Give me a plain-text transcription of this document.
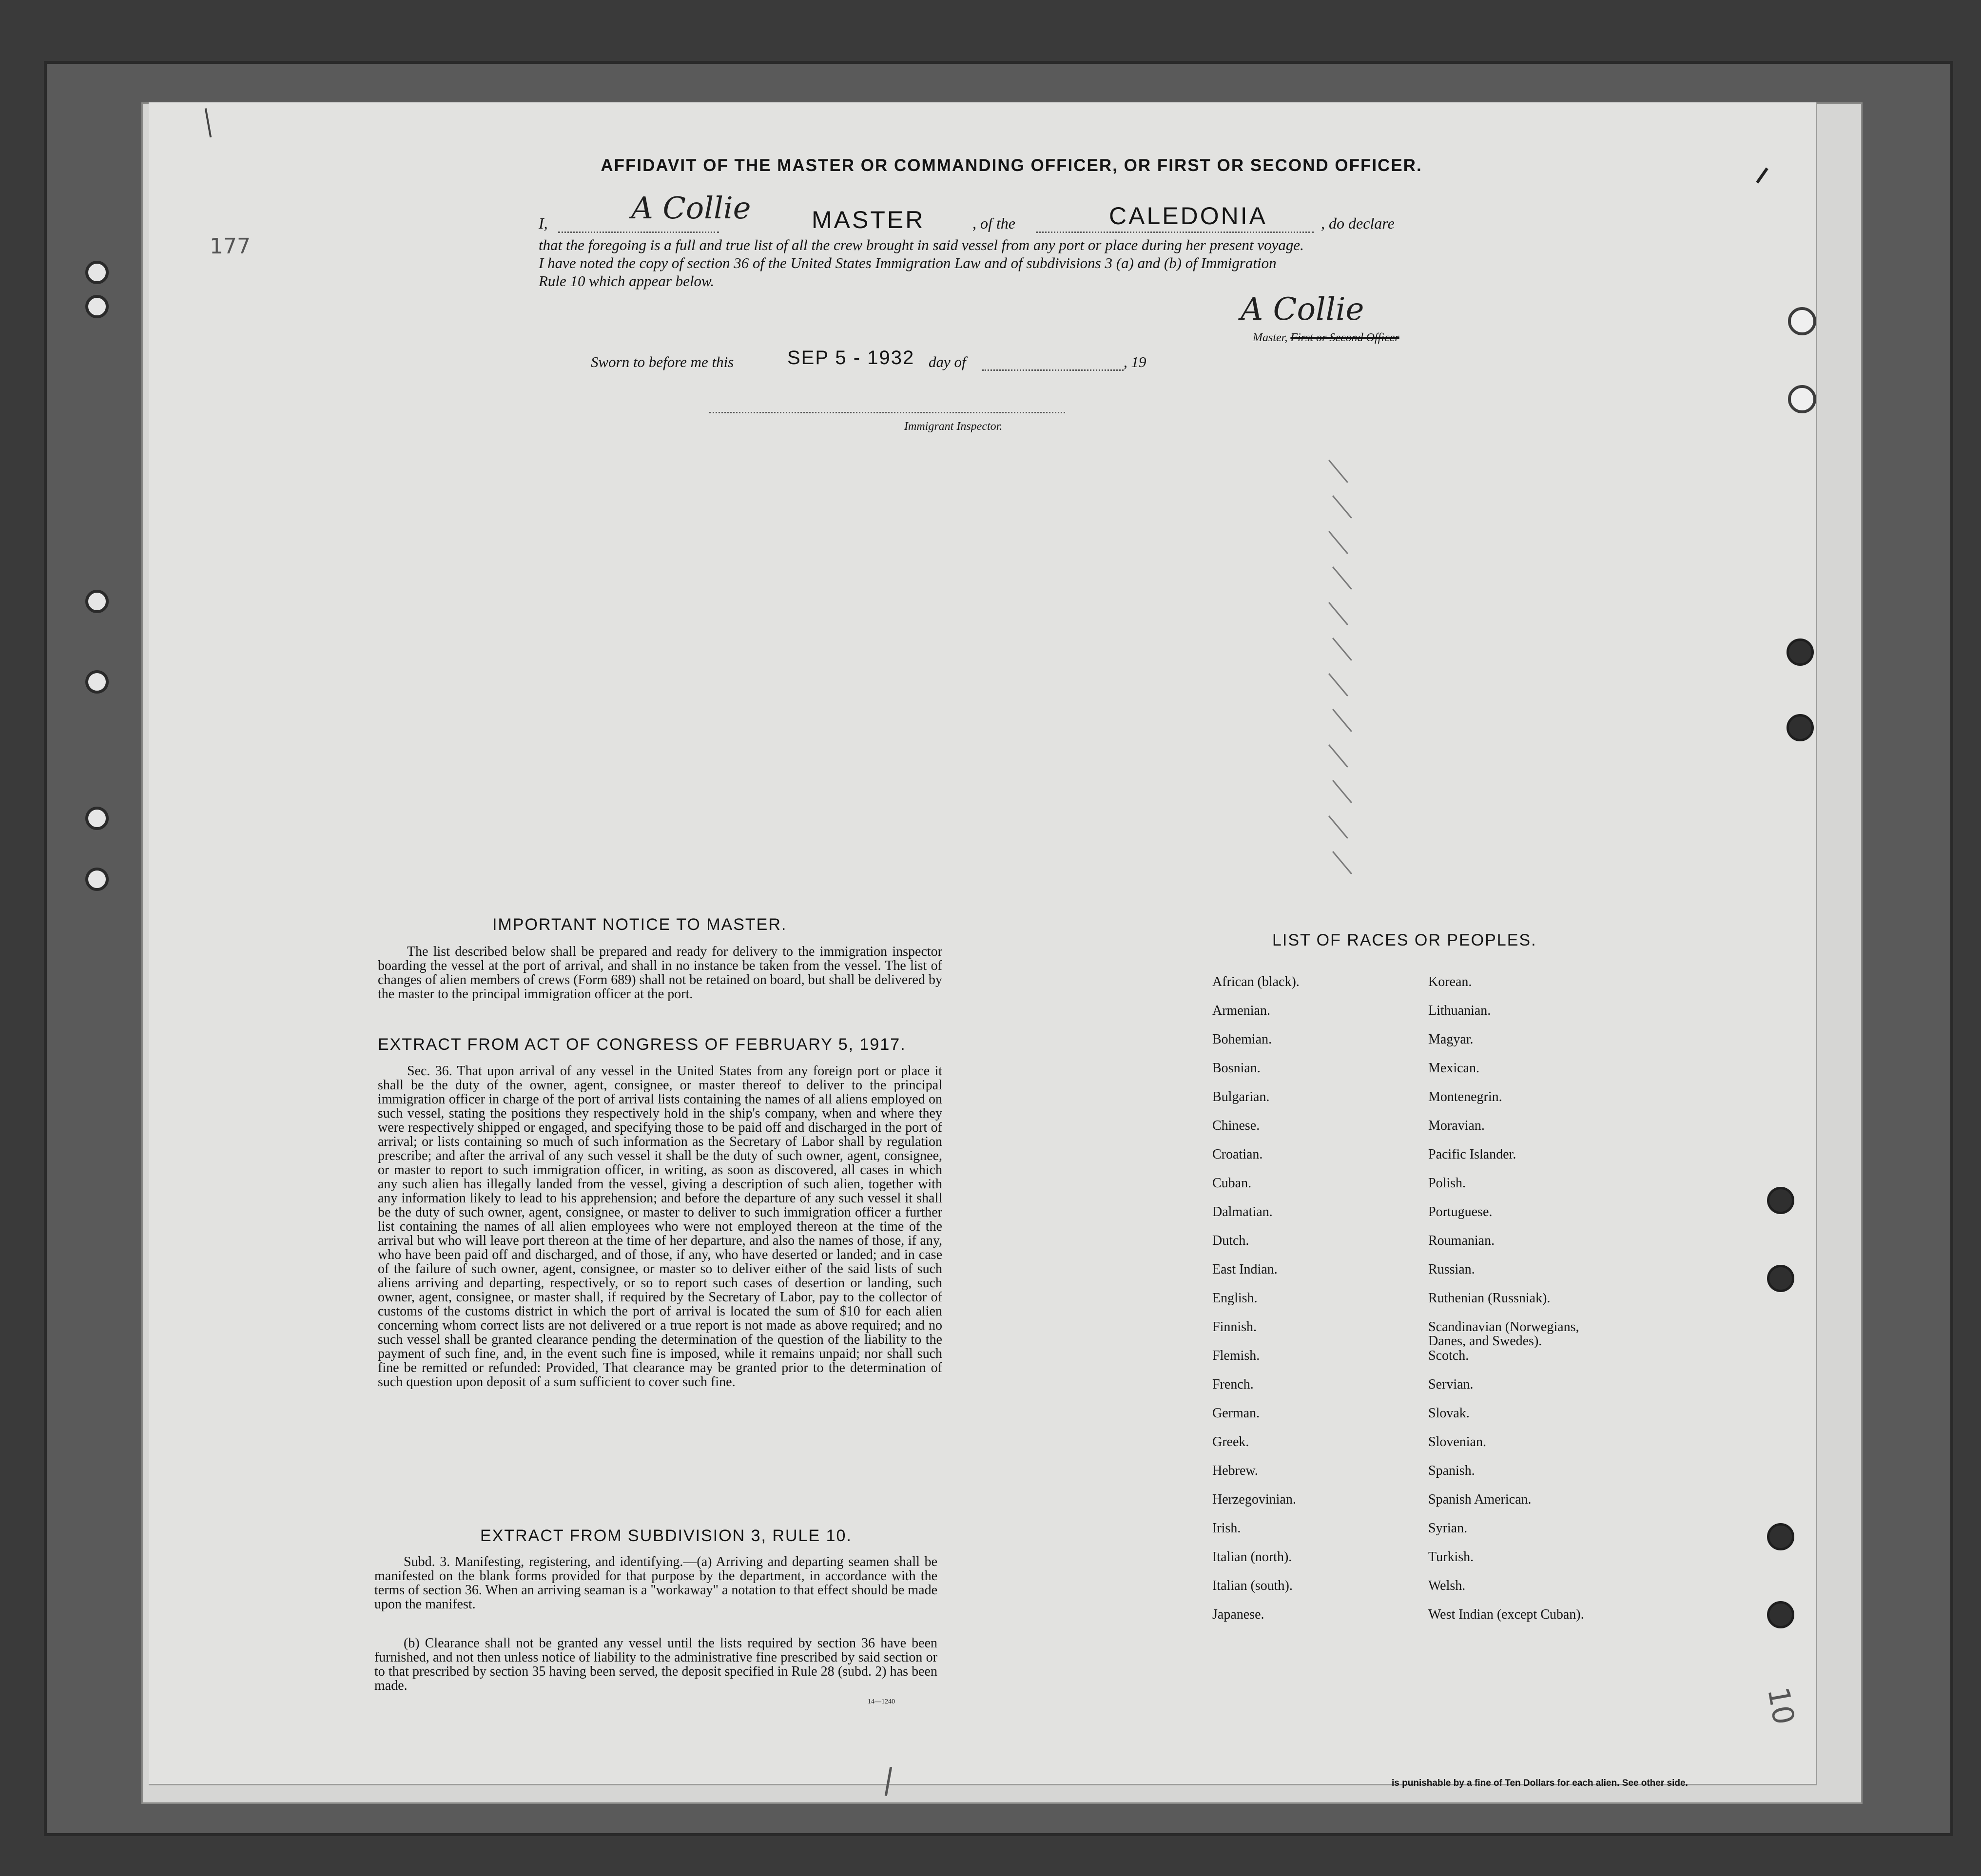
177
10
AFFIDAVIT OF THE MASTER OR COMMANDING OFFICER, OR FIRST OR SECOND OFFICER.
I,	A Collie MASTER	, of the	CALEDONIA	, do declare
that the foregoing is a full and true list of all the crew brought in said vessel from any port or place during her present voyage.
I have noted the copy of section 36 of the United States Immigration Law and of subdivisions 3 (a) and (b) of Immigration
Rule 10 which appear below.
A Collie
Master, First or Second Officer
Sworn to before me this	SEP 5 - 1932 day of	, 19
Immigrant Inspector.
IMPORTANT NOTICE TO MASTER.
The list described below shall be prepared and ready for delivery to the immigration inspector boarding the vessel at the port of arrival, and shall in no instance be taken from the vessel. The list of changes of alien members of crews (Form 689) shall not be retained on board, but shall be delivered by the master to the principal immigration officer at the port.
EXTRACT FROM ACT OF CONGRESS OF FEBRUARY 5, 1917.
Sec. 36. That upon arrival of any vessel in the United States from any foreign port or place it shall be the duty of the owner, agent, consignee, or master thereof to deliver to the principal immigration officer in charge of the port of arrival lists containing the names of all aliens employed on such vessel, stating the positions they respectively hold in the ship's company, when and where they were respectively shipped or engaged, and specifying those to be paid off and discharged in the port of arrival; or lists containing so much of such information as the Secretary of Labor shall by regulation prescribe; and after the arrival of any such vessel it shall be the duty of such owner, agent, consignee, or master to report to such immigration officer, in writing, as soon as discovered, all cases in which any such alien has illegally landed from the vessel, giving a description of such alien, together with any information likely to lead to his apprehension; and before the departure of any such vessel it shall be the duty of such owner, agent, consignee, or master to deliver to such immigration officer a further list containing the names of all alien employees who were not employed thereon at the time of the arrival but who will leave port thereon at the time of her departure, and also the names of those, if any, who have been paid off and discharged, and of those, if any, who have deserted or landed; and in case of the failure of such owner, agent, consignee, or master so to deliver either of the said lists of such aliens arriving and departing, respectively, or so to report such cases of desertion or landing, such owner, agent, consignee, or master shall, if required by the Secretary of Labor, pay to the collector of customs of the customs district in which the port of arrival is located the sum of $10 for each alien concerning whom correct lists are not delivered or a true report is not made as above required; and no such vessel shall be granted clearance pending the determination of the question of the liability to the payment of such fine, and, in the event such fine is imposed, while it remains unpaid; nor shall such fine be remitted or refunded: Provided, That clearance may be granted prior to the determination of such question upon deposit of a sum sufficient to cover such fine.
EXTRACT FROM SUBDIVISION 3, RULE 10.
Subd. 3. Manifesting, registering, and identifying.—(a) Arriving and departing seamen shall be manifested on the blank forms provided for that purpose by the department, in accordance with the terms of section 36. When an arriving seaman is a "workaway" a notation to that effect should be made upon the manifest.
(b) Clearance shall not be granted any vessel until the lists required by section 36 have been furnished, and not then unless notice of liability to the administrative fine prescribed by said section or to that prescribed by section 35 having been served, the deposit specified in Rule 28 (subd. 2) has been made.
14—1240
LIST OF RACES OR PEOPLES.
African (black).
Armenian.
Bohemian.
Bosnian.
Bulgarian.
Chinese.
Croatian.
Cuban.
Dalmatian.
Dutch.
East Indian.
English.
Finnish.
Flemish.
French.
German.
Greek.
Hebrew.
Herzegovinian.
Irish.
Italian (north).
Italian (south).
Japanese.
Korean.
Lithuanian.
Magyar.
Mexican.
Montenegrin.
Moravian.
Pacific Islander.
Polish.
Portuguese.
Roumanian.
Russian.
Ruthenian (Russniak).
Scandinavian (Norwegians, Danes, and Swedes).
Scotch.
Servian.
Slovak.
Slovenian.
Spanish.
Spanish American.
Syrian.
Turkish.
Welsh.
West Indian (except Cuban).
is punishable by a fine of Ten Dollars for each alien. See other side.
